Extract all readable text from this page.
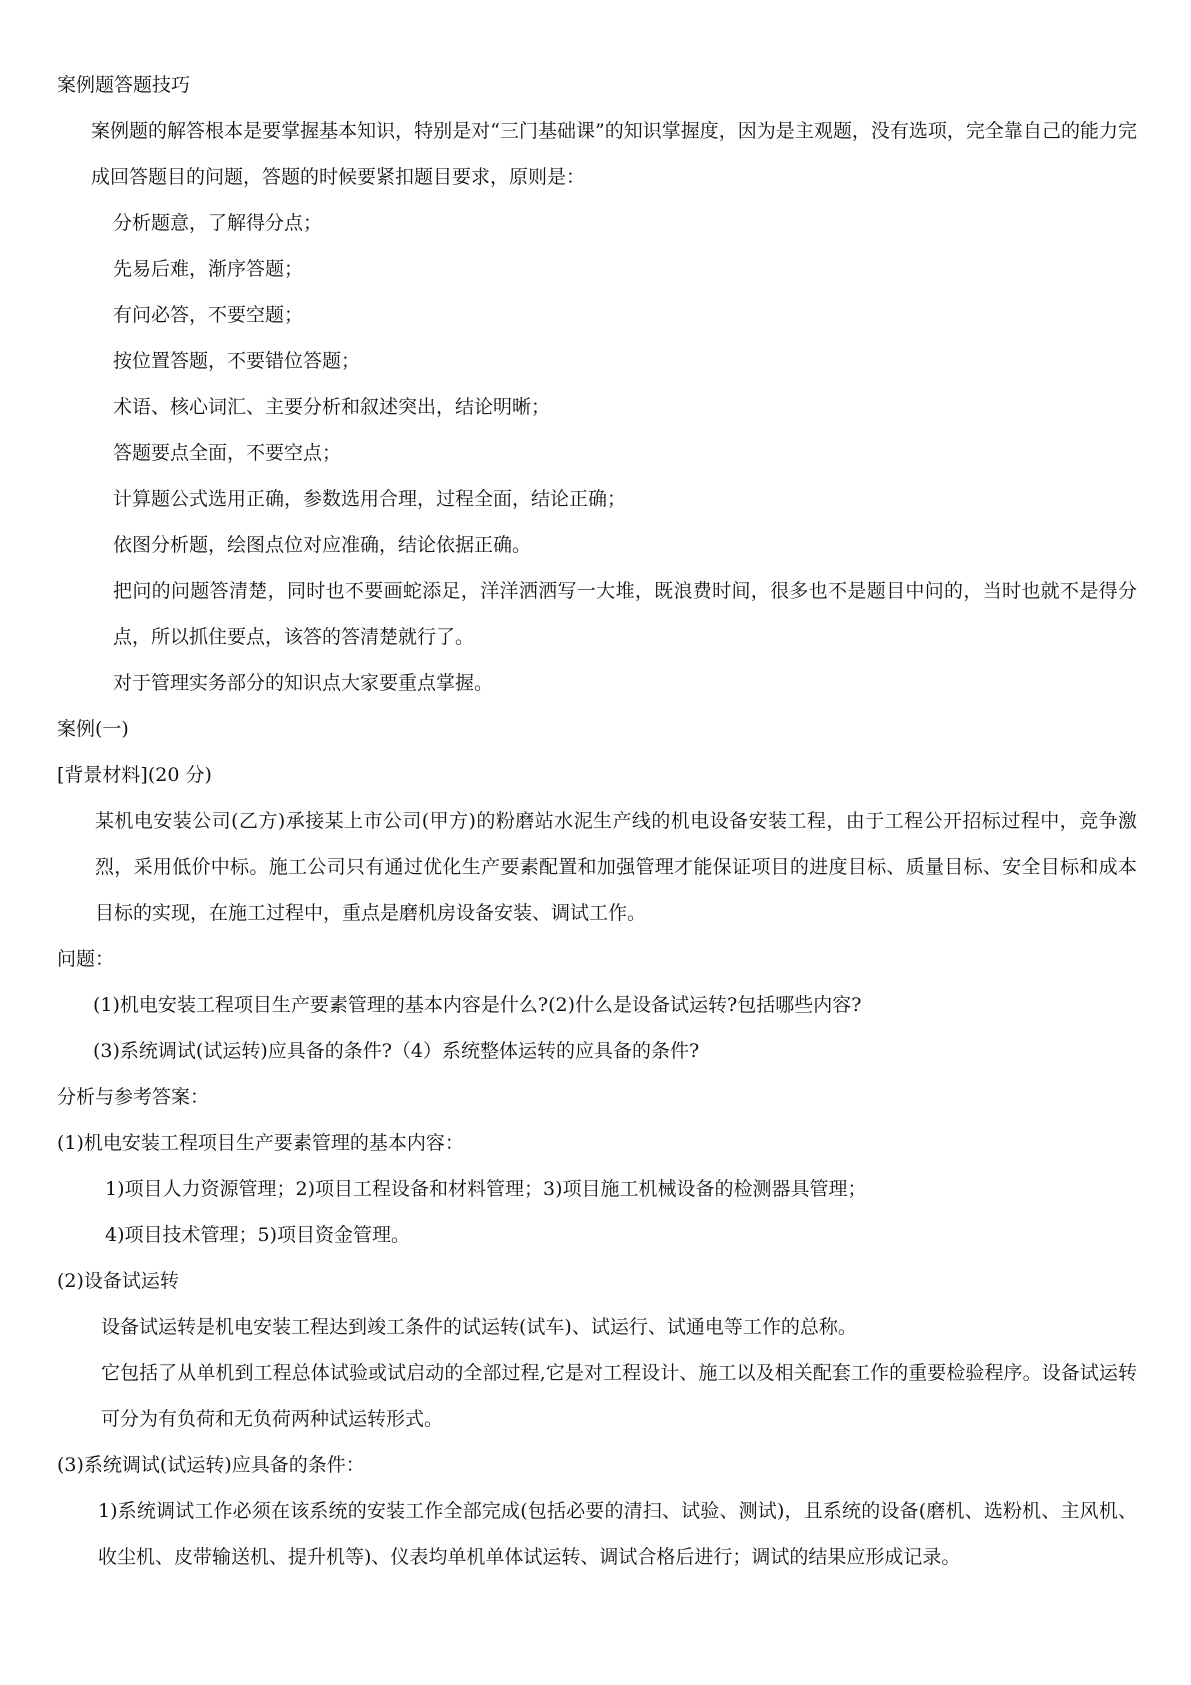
案例题答题技巧
案例题的解答根本是要掌握基本知识，特别是对“三门基础课”的知识掌握度，因为是主观题，没有选项，完全靠自己的能力完成回答题目的问题，答题的时候要紧扣题目要求，原则是：
分析题意，了解得分点；
先易后难，渐序答题；
有问必答，不要空题；
按位置答题，不要错位答题；
术语、核心词汇、主要分析和叙述突出，结论明晰；
答题要点全面，不要空点；
计算题公式选用正确，参数选用合理，过程全面，结论正确；
依图分析题，绘图点位对应准确，结论依据正确。
把问的问题答清楚，同时也不要画蛇添足，洋洋洒洒写一大堆，既浪费时间，很多也不是题目中问的，当时也就不是得分点，所以抓住要点，该答的答清楚就行了。
对于管理实务部分的知识点大家要重点掌握。
案例(一)
[背景材料](20 分)
某机电安装公司(乙方)承接某上市公司(甲方)的粉磨站水泥生产线的机电设备安装工程，由于工程公开招标过程中，竞争激烈，采用低价中标。施工公司只有通过优化生产要素配置和加强管理才能保证项目的进度目标、质量目标、安全目标和成本目标的实现，在施工过程中，重点是磨机房设备安装、调试工作。
问题：
(1)机电安装工程项目生产要素管理的基本内容是什么?(2)什么是设备试运转?包括哪些内容?
(3)系统调试(试运转)应具备的条件?（4）系统整体运转的应具备的条件?
分析与参考答案：
(1)机电安装工程项目生产要素管理的基本内容：
1)项目人力资源管理；2)项目工程设备和材料管理；3)项目施工机械设备的检测器具管理；
4)项目技术管理；5)项目资金管理。
(2)设备试运转
设备试运转是机电安装工程达到竣工条件的试运转(试车)、试运行、试通电等工作的总称。
它包括了从单机到工程总体试验或试启动的全部过程,它是对工程设计、施工以及相关配套工作的重要检验程序。设备试运转可分为有负荷和无负荷两种试运转形式。
(3)系统调试(试运转)应具备的条件：
1)系统调试工作必须在该系统的安装工作全部完成(包括必要的清扫、试验、测试)，且系统的设备(磨机、选粉机、主风机、收尘机、皮带输送机、提升机等)、仪表均单机单体试运转、调试合格后进行；调试的结果应形成记录。
